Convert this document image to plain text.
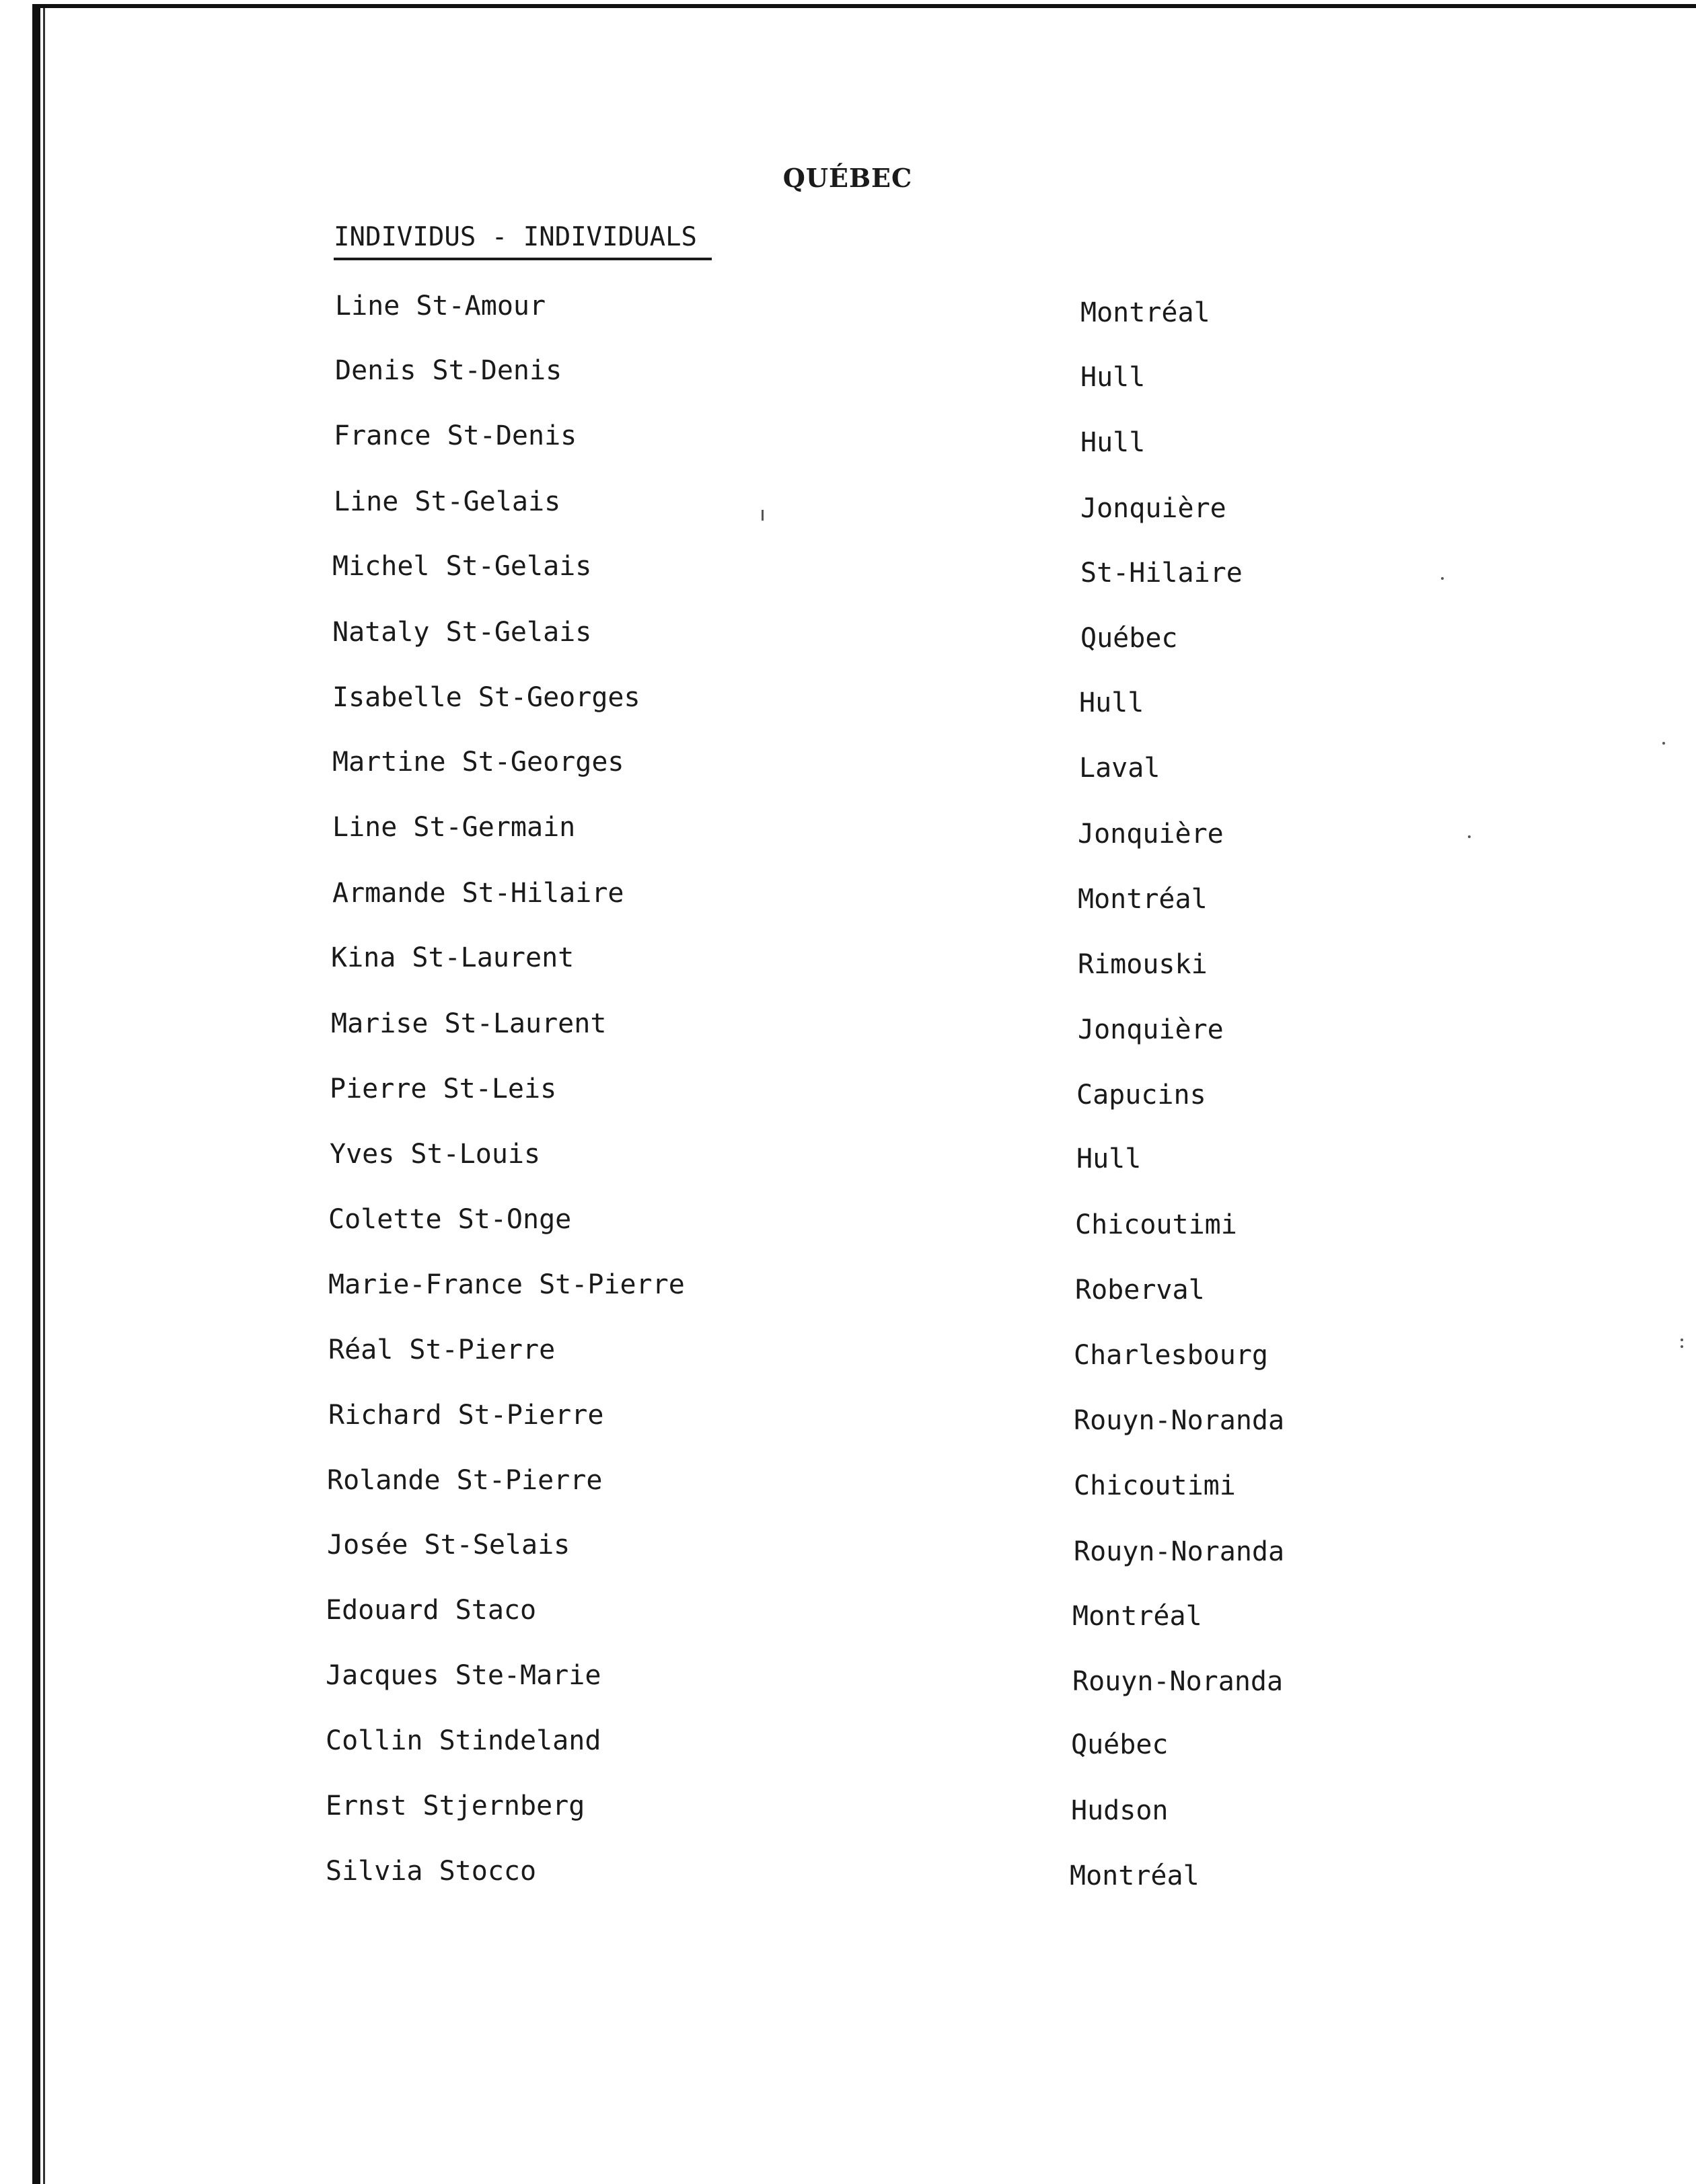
QUÉBEC
INDIVIDUS - INDIVIDUALS
Line St-Amour	Montréal
Denis St-Denis	Hull
France St-Denis	Hull
Line St-Gelais	Jonquière
Michel St-Gelais	St-Hilaire
Nataly St-Gelais	Québec
Isabelle St-Georges	Hull
Martine St-Georges	Laval
Line St-Germain	Jonquière
Armande St-Hilaire	Montréal
Kina St-Laurent	Rimouski
Marise St-Laurent	Jonquière
Pierre St-Leis	Capucins
Yves St-Louis	Hull
Colette St-Onge	Chicoutimi
Marie-France St-Pierre	Roberval
Réal St-Pierre	Charlesbourg
Richard St-Pierre	Rouyn-Noranda
Rolande St-Pierre	Chicoutimi
Josée St-Selais	Rouyn-Noranda
Edouard Staco	Montréal
Jacques Ste-Marie	Rouyn-Noranda
Collin Stindeland	Québec
Ernst Stjernberg	Hudson
Silvia Stocco	Montréal
